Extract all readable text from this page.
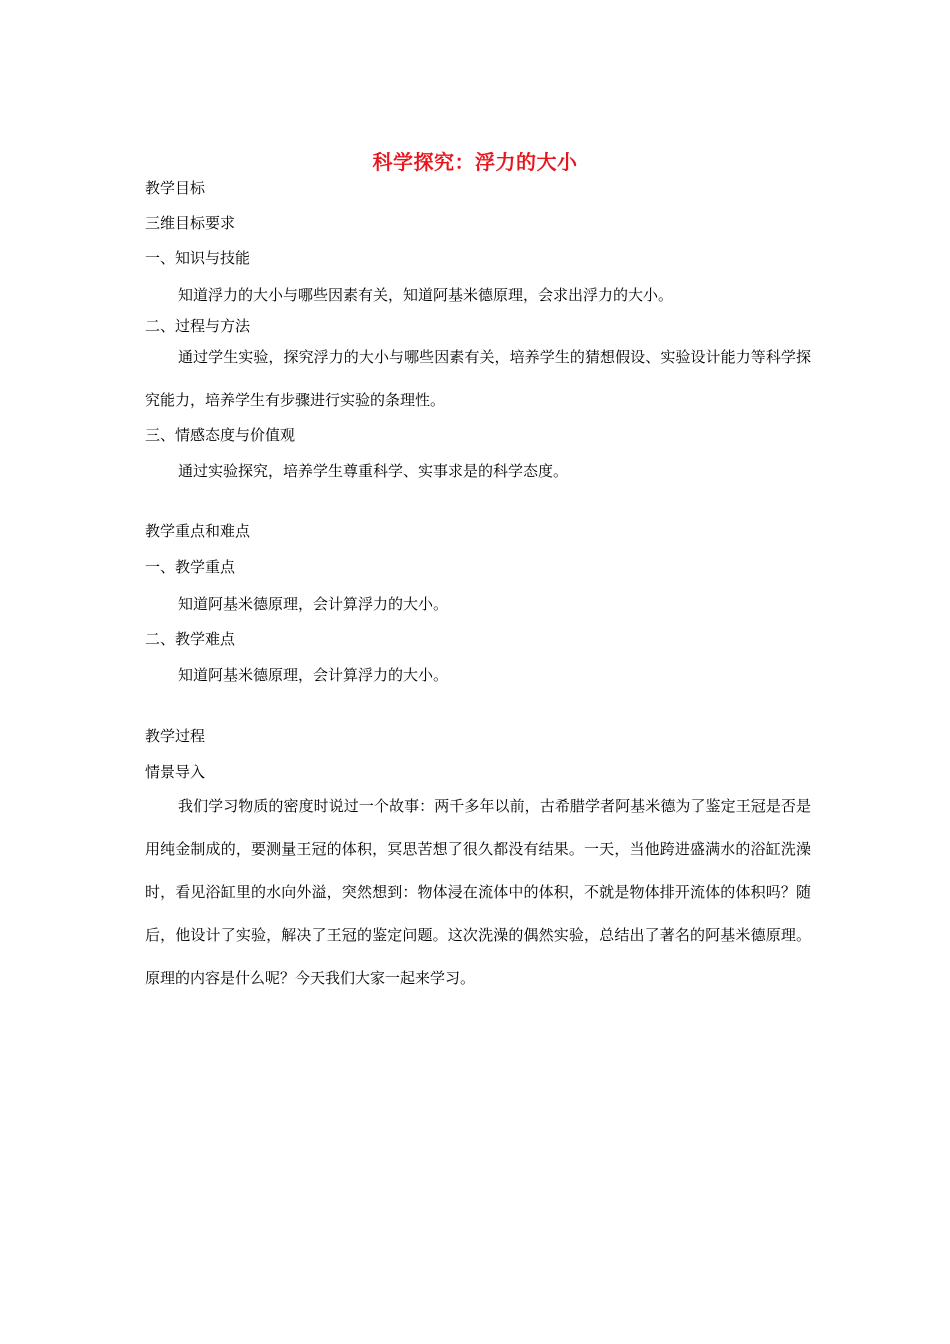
科学探究：浮力的大小
教学目标
三维目标要求
一、知识与技能
知道浮力的大小与哪些因素有关，知道阿基米德原理，会求出浮力的大小。
二、过程与方法
通过学生实验，探究浮力的大小与哪些因素有关，培养学生的猜想假设、实验设计能力等科学探究能力，培养学生有步骤进行实验的条理性。
三、情感态度与价值观
通过实验探究，培养学生尊重科学、实事求是的科学态度。
教学重点和难点
一、教学重点
知道阿基米德原理，会计算浮力的大小。
二、教学难点
知道阿基米德原理，会计算浮力的大小。
教学过程
情景导入
我们学习物质的密度时说过一个故事：两千多年以前，古希腊学者阿基米德为了鉴定王冠是否是用纯金制成的，要测量王冠的体积，冥思苦想了很久都没有结果。一天，当他跨进盛满水的浴缸洗澡时，看见浴缸里的水向外溢，突然想到：物体浸在流体中的体积，不就是物体排开流体的体积吗？随后，他设计了实验，解决了王冠的鉴定问题。这次洗澡的偶然实验，总结出了著名的阿基米德原理。原理的内容是什么呢？今天我们大家一起来学习。
